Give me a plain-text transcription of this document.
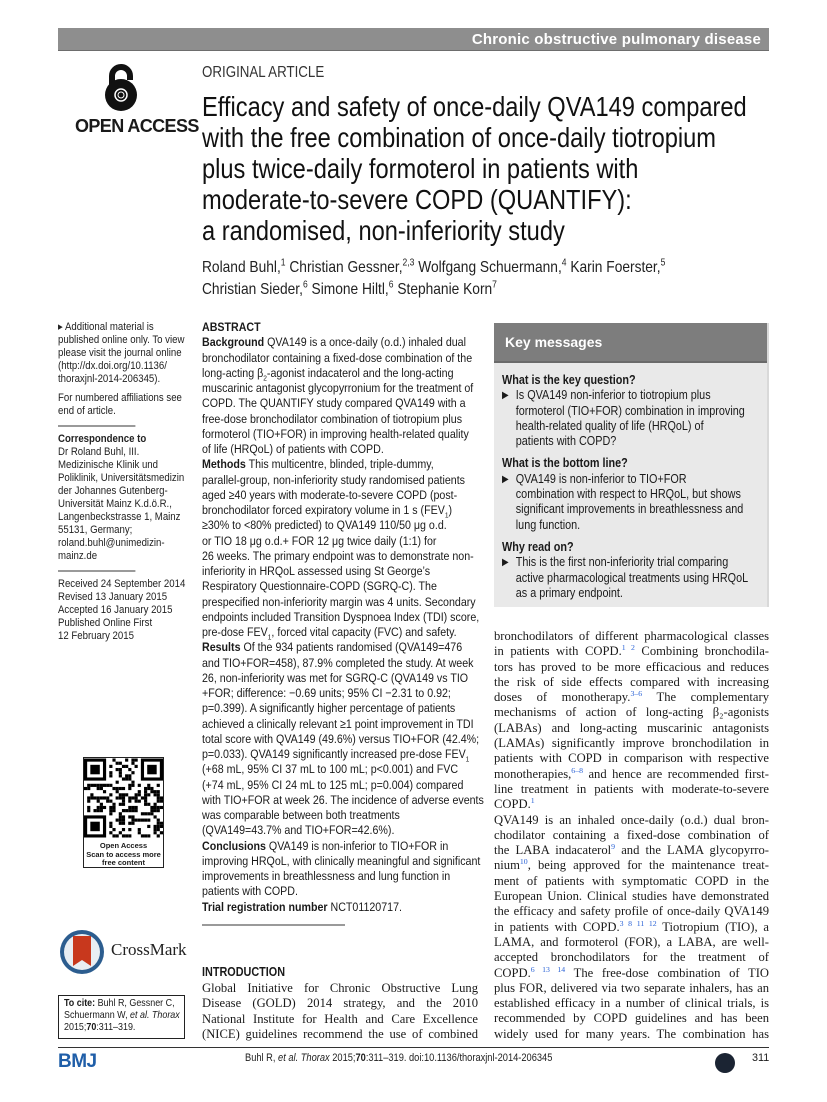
Chronic obstructive pulmonary disease
OPEN ACCESS
ORIGINAL ARTICLE
Efficacy and safety of once-daily QVA149 compared
with the free combination of once-daily tiotropium
plus twice-daily formoterol in patients with
moderate-to-severe COPD (QUANTIFY):
a randomised, non-inferiority study
Roland Buhl,$^1$ Christian Gessner,$^{2,3}$ Wolfgang Schuermann,$^4$ Karin Foerster,$^5$
Christian Sieder,$^6$ Simone Hiltl,$^6$ Stephanie Korn$^7$
▸ Additional material is
published online only. To view
please visit the journal online
(http://dx.doi.org/10.1136/
thoraxjnl-2014-206345).
For numbered affiliations see
end of article.
Correspondence to
Dr Roland Buhl, III.
Medizinische Klinik und
Poliklinik, Universitätsmedizin
der Johannes Gutenberg-
Universität Mainz K.d.ö.R.,
Langenbeckstrasse 1, Mainz
55131, Germany;
roland.buhl@unimedizin-
mainz.de
Received 24 September 2014
Revised 13 January 2015
Accepted 16 January 2015
Published Online First
12 February 2015
ABSTRACT
Background QVA149 is a once-daily (o.d.) inhaled dual
bronchodilator containing a fixed-dose combination of the
long-acting $\beta_2$-agonist indacaterol and the long-acting
muscarinic antagonist glycopyrronium for the treatment of
COPD. The QUANTIFY study compared QVA149 with a
free-dose bronchodilator combination of tiotropium plus
formoterol (TIO+FOR) in improving health-related quality
of life (HRQoL) of patients with COPD.
Methods This multicentre, blinded, triple-dummy,
parallel-group, non-inferiority study randomised patients
aged ≥40 years with moderate-to-severe COPD (post-
bronchodilator forced expiratory volume in 1 s $(FEV_1)$
≥30% to <80% predicted) to QVA149 110/50 μg o.d.
or TIO 18 μg o.d.+ FOR 12 μg twice daily (1:1) for
26 weeks. The primary endpoint was to demonstrate non-
inferiority in HRQoL assessed using St George’s
Respiratory Questionnaire-COPD (SGRQ-C). The
prespecified non-inferiority margin was 4 units. Secondary
endpoints included Transition Dyspnoea Index (TDI) score,
pre-dose $FEV_1$, forced vital capacity (FVC) and safety.
Results Of the 934 patients randomised (QVA149=476
and TIO+FOR=458), 87.9% completed the study. At week
26, non-inferiority was met for SGRQ-C (QVA149 vs TIO
+FOR; difference: −0.69 units; 95% CI −2.31 to 0.92;
p=0.399). A significantly higher percentage of patients
achieved a clinically relevant ≥1 point improvement in TDI
total score with QVA149 (49.6%) versus TIO+FOR (42.4%;
p=0.033). QVA149 significantly increased pre-dose $FEV_1$
(+68 mL, 95% CI 37 mL to 100 mL; p<0.001) and FVC
(+74 mL, 95% CI 24 mL to 125 mL; p=0.004) compared
with TIO+FOR at week 26. The incidence of adverse events
was comparable between both treatments
(QVA149=43.7% and TIO+FOR=42.6%).
Conclusions QVA149 is non-inferior to TIO+FOR in
improving HRQoL, with clinically meaningful and significant
improvements in breathlessness and lung function in
patients with COPD.
Trial registration number NCT01120717.
Key messages
What is the key question?
▶ Is QVA149 non-inferior to tiotropium plus
formoterol (TIO+FOR) combination in improving
health-related quality of life (HRQoL) of
patients with COPD?
What is the bottom line?
▶ QVA149 is non-inferior to TIO+FOR
combination with respect to HRQoL, but shows
significant improvements in breathlessness and
lung function.
Why read on?
▶ This is the first non-inferiority trial comparing
active pharmacological treatments using HRQoL
as a primary endpoint.
bronchodilators of different pharmacological classes
in patients with COPD.$^{1 2}$ Combining bronchodila-
tors has proved to be more efficacious and reduces
the risk of side effects compared with increasing
doses of monotherapy.$^{3-6}$ The complementary
mechanisms of action of long-acting β₂-agonists
(LABAs) and long-acting muscarinic antagonists
(LAMAs) significantly improve bronchodilation in
patients with COPD in comparison with respective
monotherapies,$^{6-8}$ and hence are recommended first-
line treatment in patients with moderate-to-severe
COPD.$^1$
QVA149 is an inhaled once-daily (o.d.) dual bron-
chodilator containing a fixed-dose combination of
the LABA indacaterol$^9$ and the LAMA glycopyrro-
nium$^{10}$, being approved for the maintenance treat-
ment of patients with symptomatic COPD in the
European Union. Clinical studies have demonstrated
the efficacy and safety profile of once-daily QVA149
in patients with COPD.$^{3 8 11 12}$ Tiotropium (TIO), a
LAMA, and formoterol (FOR), a LABA, are well-
accepted bronchodilators for the treatment of
COPD.$^{6 13 14}$ The free-dose combination of TIO
plus FOR, delivered via two separate inhalers, has an
established efficacy in a number of clinical trials, is
recommended by COPD guidelines and has been
widely used for many years. The combination has
Open Access
Scan to access more
free content
CrossMark
To cite: Buhl R, Gessner C,
Schuermann W, et al. Thorax
2015;70:311–319.
INTRODUCTION
Global Initiative for Chronic Obstructive Lung
Disease (GOLD) 2014 strategy, and the 2010
National Institute for Health and Care Excellence
(NICE) guidelines recommend the use of combined
BMJ	Buhl R, et al. Thorax 2015;70:311–319. doi:10.1136/thoraxjnl-2014-206345	311
